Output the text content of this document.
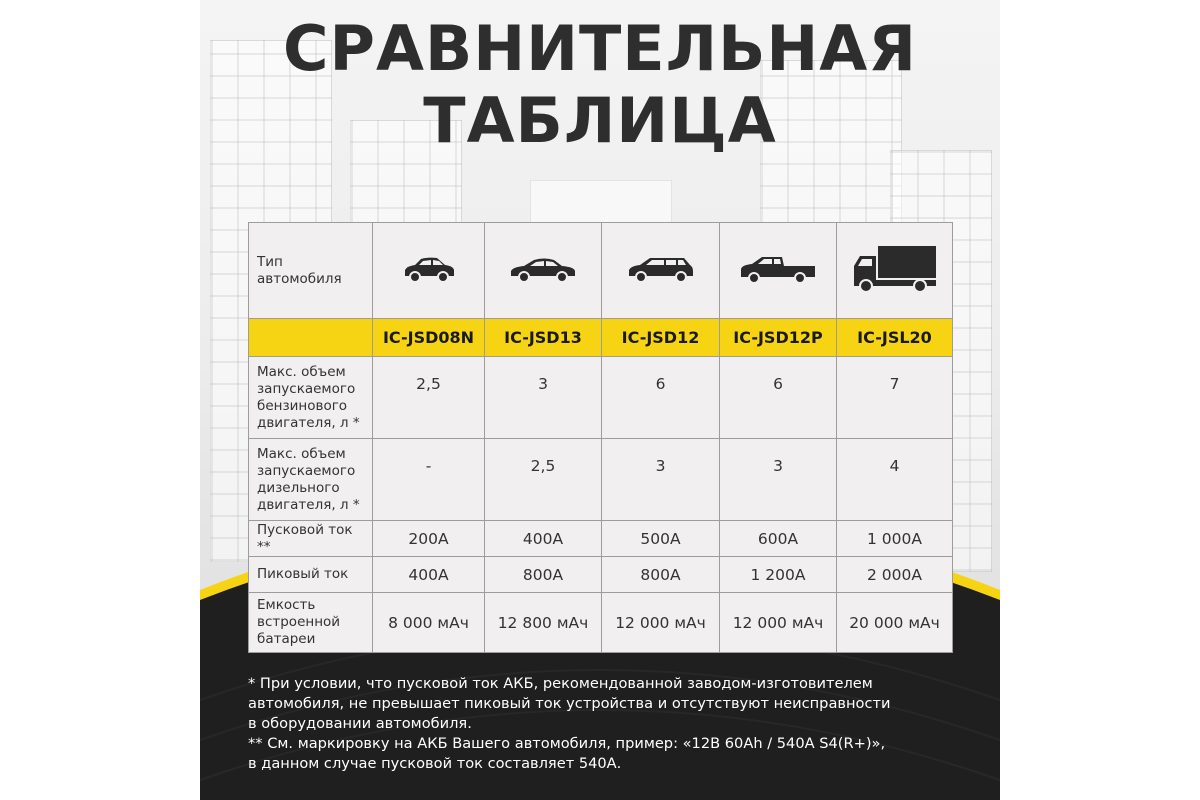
СРАВНИТЕЛЬНАЯ
ТАБЛИЦА
Тип автомобиля					
	IC-JSD08N	IC-JSD13	IC-JSD12	IC-JSD12P	IC-JSL20

Макс. объем
запускаемого
бензинового
двигателя, л *	2,5	3	6	6	7

Макс. объем
запускаемого
дизельного
двигателя, л *	-	2,5	3	3	4
Пусковой ток **	200А	400А	500А	600А	1 000А
Пиковый ток	400А	800А	800А	1 200А	2 000А

Емкость
встроенной
батареи	8 000 мАч	12 800 мАч	12 000 мАч	12 000 мАч	20 000 мАч
* При условии, что пусковой ток АКБ, рекомендованной заводом-изготовителем
автомобиля, не превышает пиковый ток устройства и отсутствуют неисправности
в оборудовании автомобиля.
** См. маркировку на АКБ Вашего автомобиля, пример: «12B 60Ah / 540A S4(R+)»,
в данном случае пусковой ток составляет 540А.
